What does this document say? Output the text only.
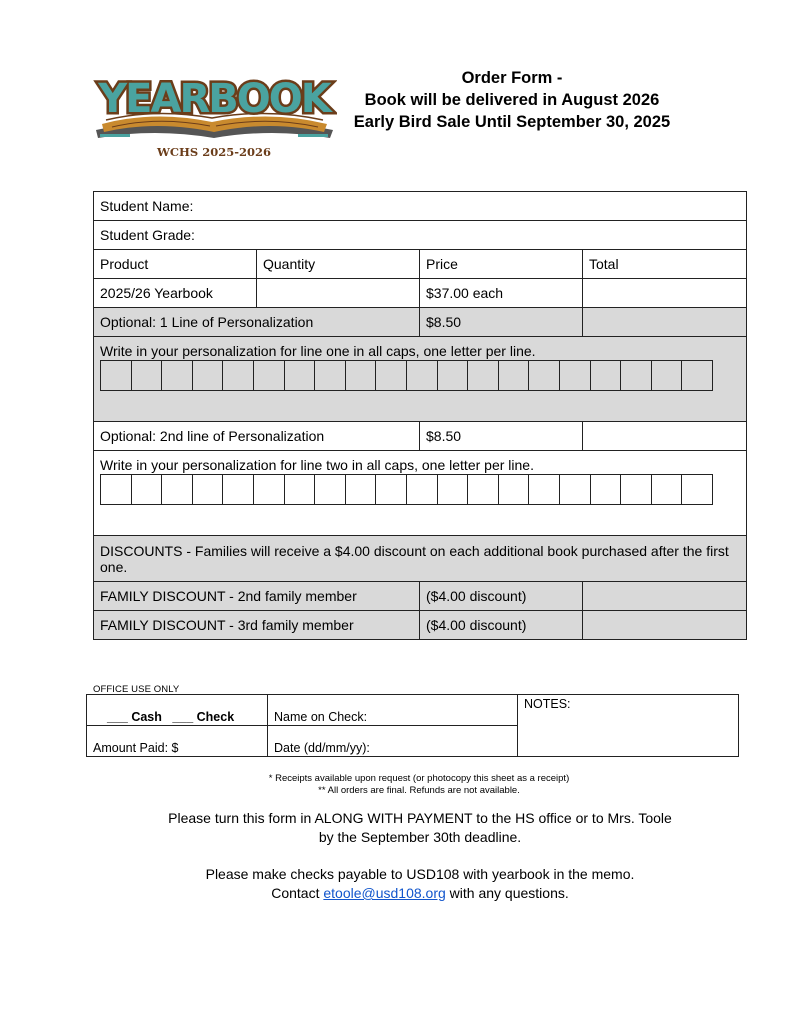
YEARBOOK
WCHS 2025-2026
Order Form -
Book will be delivered in August 2026
Early Bird Sale Until September 30, 2025
Student Name:			
Student Grade:			
Product	Quantity	Price	Total
2025/26 Yearbook		$37.00 each	
Optional: 1 Line of Personalization		$8.50	

Write in your personalization for line one in all caps, one letter per line.			

Optional: 2nd line of Personalization		$8.50	

Write in your personalization for line two in all caps, one letter per line.			

DISCOUNTS - Families will receive a $4.00 discount on each additional book purchased after the first one.			
FAMILY DISCOUNT - 2nd family member		($4.00 discount)	
FAMILY DISCOUNT - 3rd family member		($4.00 discount)	
OFFICE USE ONLY
___ Cash   ___ Check	Name on Check:	NOTES:
Amount Paid: $	Date (dd/mm/yy):	
* Receipts available upon request (or photocopy this sheet as a receipt)
** All orders are final. Refunds are not available.

Please turn this form in ALONG WITH PAYMENT to the HS office or to Mrs. Toole

by the September 30th deadline.

Please make checks payable to USD108 with yearbook in the memo.

Contact etoole@usd108.org with any questions.
